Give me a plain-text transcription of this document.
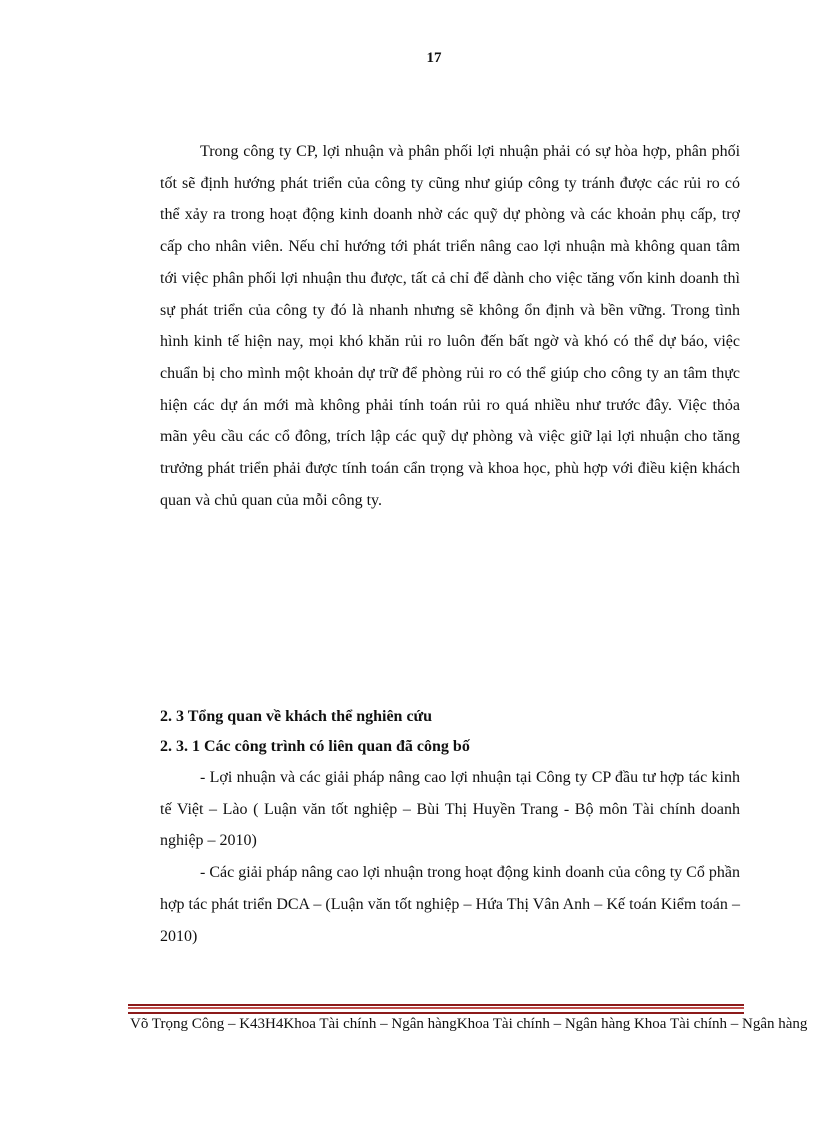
17

Trong công ty CP, lợi nhuận và phân phối lợi nhuận phải có sự hòa hợp, phân phối tốt sẽ định hướng phát triển của công ty cũng như giúp công ty tránh được các rủi ro có thể xảy ra trong hoạt động kinh doanh nhờ các quỹ dự phòng và các khoản phụ cấp, trợ cấp cho nhân viên. Nếu chỉ hướng tới phát triển nâng cao lợi nhuận mà không quan tâm tới việc phân phối lợi nhuận thu được, tất cả chỉ để dành cho việc tăng vốn kinh doanh thì sự phát triển của công ty đó là nhanh nhưng sẽ không ổn định và bền vững. Trong tình hình kinh tế hiện nay, mọi khó khăn rủi ro luôn đến bất ngờ và khó có thể dự báo, việc chuẩn bị cho mình một khoản dự trữ để phòng rủi ro có thể giúp cho công ty an tâm thực hiện các dự án mới mà không phải tính toán rủi ro quá nhiều như trước đây. Việc thỏa mãn yêu cầu các cổ đông, trích lập các quỹ dự phòng và việc giữ lại lợi nhuận cho tăng trưởng phát triển phải được tính toán cẩn trọng và khoa học, phù hợp với điều kiện khách quan và chủ quan của mỗi công ty.

2. 3 Tổng quan về khách thể nghiên cứu

2. 3. 1 Các công trình có liên quan đã công bố

- Lợi nhuận và các giải pháp nâng cao lợi nhuận tại Công ty CP đầu tư hợp tác kinh tế Việt – Lào ( Luận văn tốt nghiệp – Bùi Thị Huyền Trang - Bộ môn Tài chính doanh nghiệp – 2010)

- Các giải pháp nâng cao lợi nhuận trong hoạt động kinh doanh của công ty Cổ phần hợp tác phát triển DCA – (Luận văn tốt nghiệp – Hứa Thị Vân Anh – Kế toán Kiểm toán – 2010)

Võ Trọng Công – K43H4Khoa Tài chính – Ngân hàngKhoa Tài chính – Ngân hàng Khoa Tài chính – Ngân hàng
